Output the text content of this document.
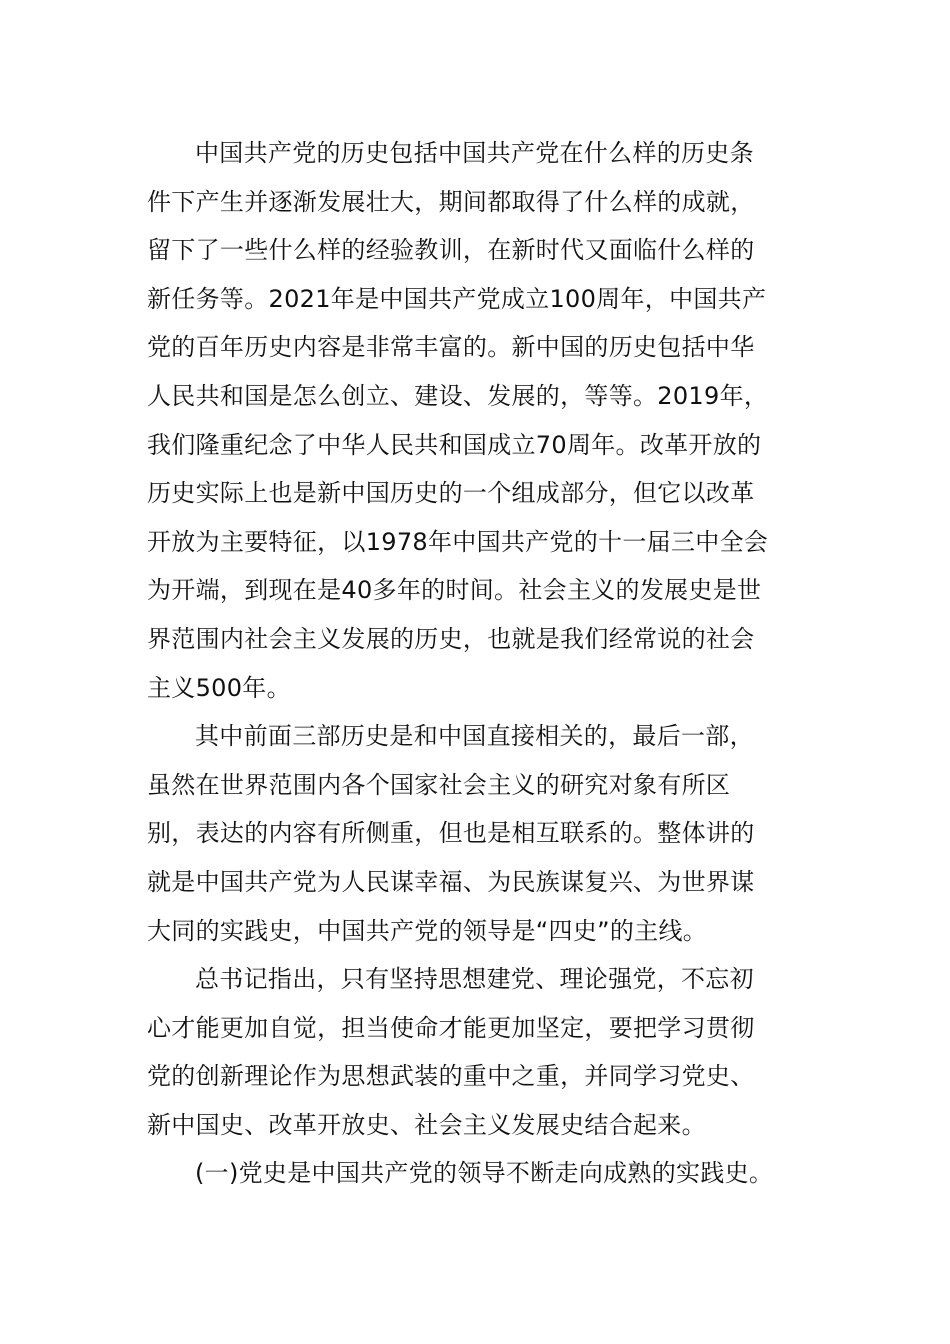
中国共产党的历史包括中国共产党在什么样的历史条
件下产生并逐渐发展壮大，期间都取得了什么样的成就，
留下了一些什么样的经验教训，在新时代又面临什么样的
新任务等。2021年是中国共产党成立100周年，中国共产
党的百年历史内容是非常丰富的。新中国的历史包括中华
人民共和国是怎么创立、建设、发展的，等等。2019年，
我们隆重纪念了中华人民共和国成立70周年。改革开放的
历史实际上也是新中国历史的一个组成部分，但它以改革
开放为主要特征，以1978年中国共产党的十一届三中全会
为开端，到现在是40多年的时间。社会主义的发展史是世
界范围内社会主义发展的历史，也就是我们经常说的社会
主义500年。
其中前面三部历史是和中国直接相关的，最后一部，
虽然在世界范围内各个国家社会主义的研究对象有所区
别，表达的内容有所侧重，但也是相互联系的。整体讲的
就是中国共产党为人民谋幸福、为民族谋复兴、为世界谋
大同的实践史，中国共产党的领导是“四史”的主线。
总书记指出，只有坚持思想建党、理论强党，不忘初
心才能更加自觉，担当使命才能更加坚定，要把学习贯彻
党的创新理论作为思想武装的重中之重，并同学习党史、
新中国史、改革开放史、社会主义发展史结合起来。
(一)党史是中国共产党的领导不断走向成熟的实践史。
